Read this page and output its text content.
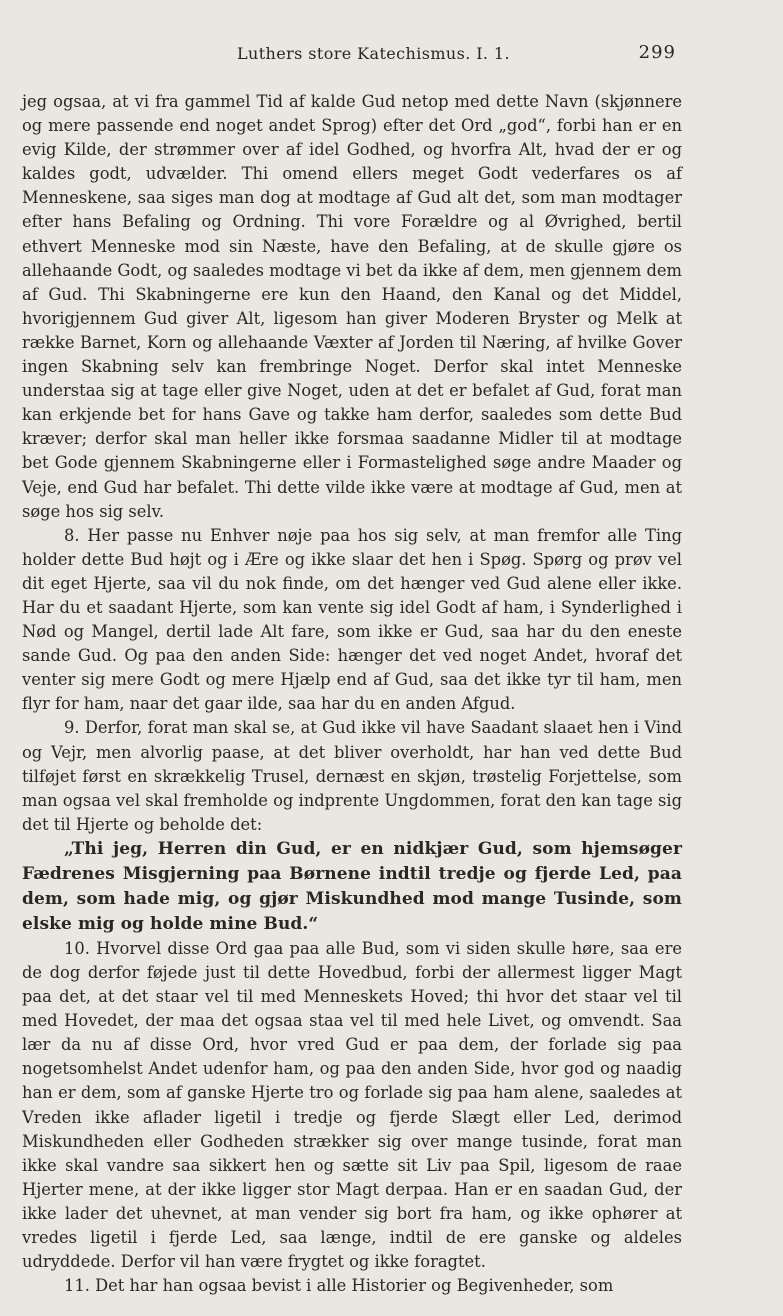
Luthers store Katechismus. I. 1.	299

jeg ogsaa, at vi fra gammel Tid af kalde Gud netop med dette Navn (skjønnere og mere passende end noget andet Sprog) efter det Ord „god“, forbi han er en evig Kilde, der strømmer over af idel Godhed, og hvorfra Alt, hvad der er og kaldes godt, udvælder. Thi omend ellers meget Godt vederfares os af Menneskene, saa siges man dog at modtage af Gud alt det, som man modtager efter hans Befaling og Ordning. Thi vore Forældre og al Øvrighed, bertil ethvert Menneske mod sin Næste, have den Befaling, at de skulle gjøre os allehaande Godt, og saaledes modtage vi bet da ikke af dem, men gjennem dem af Gud. Thi Skabningerne ere kun den Haand, den Kanal og det Middel, hvorigjennem Gud giver Alt, ligesom han giver Moderen Bryster og Melk at række Barnet, Korn og allehaande Væxter af Jorden til Næring, af hvilke Gover ingen Skabning selv kan frembringe Noget. Derfor skal intet Menneske understaa sig at tage eller give Noget, uden at det er befalet af Gud, forat man kan erkjende bet for hans Gave og takke ham derfor, saaledes som dette Bud kræver; derfor skal man heller ikke forsmaa saadanne Midler til at modtage bet Gode gjennem Skabningerne eller i Formastelighed søge andre Maader og Veje, end Gud har befalet. Thi dette vilde ikke være at modtage af Gud, men at søge hos sig selv.

8. Her passe nu Enhver nøje paa hos sig selv, at man fremfor alle Ting holder dette Bud højt og i Ære og ikke slaar det hen i Spøg. Spørg og prøv vel dit eget Hjerte, saa vil du nok finde, om det hænger ved Gud alene eller ikke. Har du et saadant Hjerte, som kan vente sig idel Godt af ham, i Synderlighed i Nød og Mangel, dertil lade Alt fare, som ikke er Gud, saa har du den eneste sande Gud. Og paa den anden Side: hænger det ved noget Andet, hvoraf det venter sig mere Godt og mere Hjælp end af Gud, saa det ikke tyr til ham, men flyr for ham, naar det gaar ilde, saa har du en anden Afgud.

9. Derfor, forat man skal se, at Gud ikke vil have Saadant slaaet hen i Vind og Vejr, men alvorlig paase, at det bliver overholdt, har han ved dette Bud tilføjet først en skrækkelig Trusel, dernæst en skjøn, trøstelig Forjettelse, som man ogsaa vel skal fremholde og indprente Ungdommen, forat den kan tage sig det til Hjerte og beholde det:

„Thi jeg, Herren din Gud, er en nidkjær Gud, som hjemsøger Fædrenes Misgjerning paa Børnene indtil tredje og fjerde Led, paa dem, som hade mig, og gjør Miskundhed mod mange Tusinde, som elske mig og holde mine Bud.“

10. Hvorvel disse Ord gaa paa alle Bud, som vi siden skulle høre, saa ere de dog derfor føjede just til dette Hovedbud, forbi der allermest ligger Magt paa det, at det staar vel til med Menneskets Hoved; thi hvor det staar vel til med Hovedet, der maa det ogsaa staa vel til med hele Livet, og omvendt. Saa lær da nu af disse Ord, hvor vred Gud er paa dem, der forlade sig paa nogetsomhelst Andet udenfor ham, og paa den anden Side, hvor god og naadig han er dem, som af ganske Hjerte tro og forlade sig paa ham alene, saaledes at Vreden ikke aflader ligetil i tredje og fjerde Slægt eller Led, derimod Miskundheden eller Godheden strækker sig over mange tusinde, forat man ikke skal vandre saa sikkert hen og sætte sit Liv paa Spil, ligesom de raae Hjerter mene, at der ikke ligger stor Magt derpaa. Han er en saadan Gud, der ikke lader det uhevnet, at man vender sig bort fra ham, og ikke ophører at vredes ligetil i fjerde Led, saa længe, indtil de ere ganske og aldeles udryddede. Derfor vil han være frygtet og ikke foragtet.

11. Det har han ogsaa bevist i alle Historier og Begivenheder, som
